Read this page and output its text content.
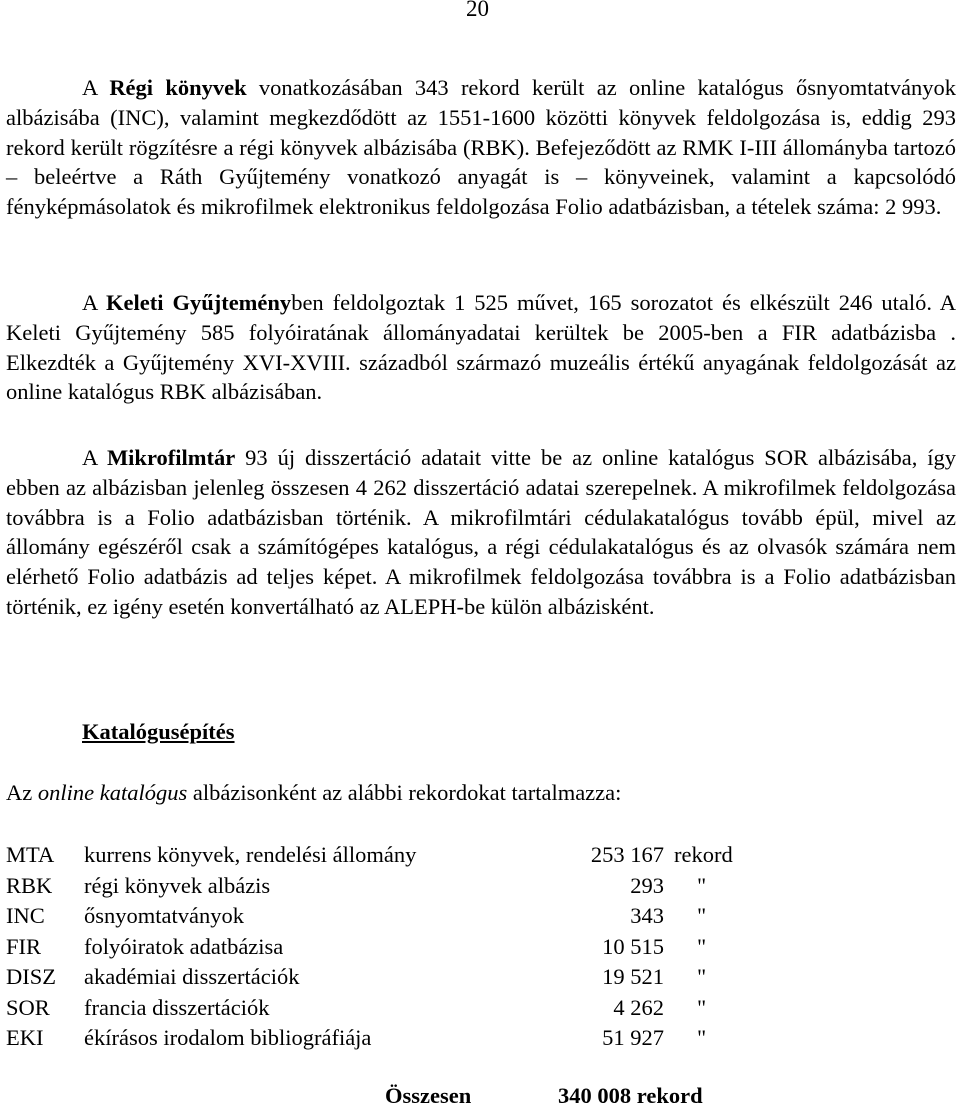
20

A Régi könyvek vonatkozásában 343 rekord került az online katalógus ősnyomtatványok albázisába (INC), valamint megkezdődött az 1551-1600 közötti könyvek feldolgozása is, eddig 293 rekord került rögzítésre a régi könyvek albázisába (RBK). Befejeződött az RMK I-III állományba tartozó – beleértve a Ráth Gyűjtemény vonatkozó anyagát is – könyveinek, valamint a kapcsolódó fényképmásolatok és mikrofilmek elektronikus feldolgozása Folio adatbázisban, a tételek száma: 2 993.

A Keleti Gyűjteményben feldolgoztak 1 525 művet, 165 sorozatot és elkészült 246 utaló. A Keleti Gyűjtemény 585 folyóiratának állományadatai kerültek be 2005-ben a FIR adatbázisba . Elkezdték a Gyűjtemény XVI-XVIII. századból származó muzeális értékű anyagának feldolgozását az online katalógus RBK albázisában.

A Mikrofilmtár 93 új disszertáció adatait vitte be az online katalógus SOR albázisába, így ebben az albázisban jelenleg összesen 4 262 disszertáció adatai szerepelnek. A mikrofilmek feldolgozása továbbra is a Folio adatbázisban történik. A mikrofilmtári cédulakatalógus tovább épül, mivel az állomány egészéről csak a számítógépes katalógus, a régi cédulakatalógus és az olvasók számára nem elérhető Folio adatbázis ad teljes képet. A mikrofilmek feldolgozása továbbra is a Folio adatbázisban történik, ez igény esetén konvertálható az ALEPH-be külön albázisként.

Katalógusépítés
Az online katalógus albázisonként az alábbi rekordokat tartalmazza:
MTA	kurrens könyvek, rendelési állomány	253 167	rekord
RBK	régi könyvek albázis	293	"
INC	ősnyomtatványok	343	"
FIR	folyóiratok adatbázisa	10 515	"
DISZ	akadémiai disszertációk	19 521	"
SOR	francia disszertációk	4 262	"
EKI	ékírásos irodalom bibliográfiája	51 927	"
Összesen	340 008 rekord
